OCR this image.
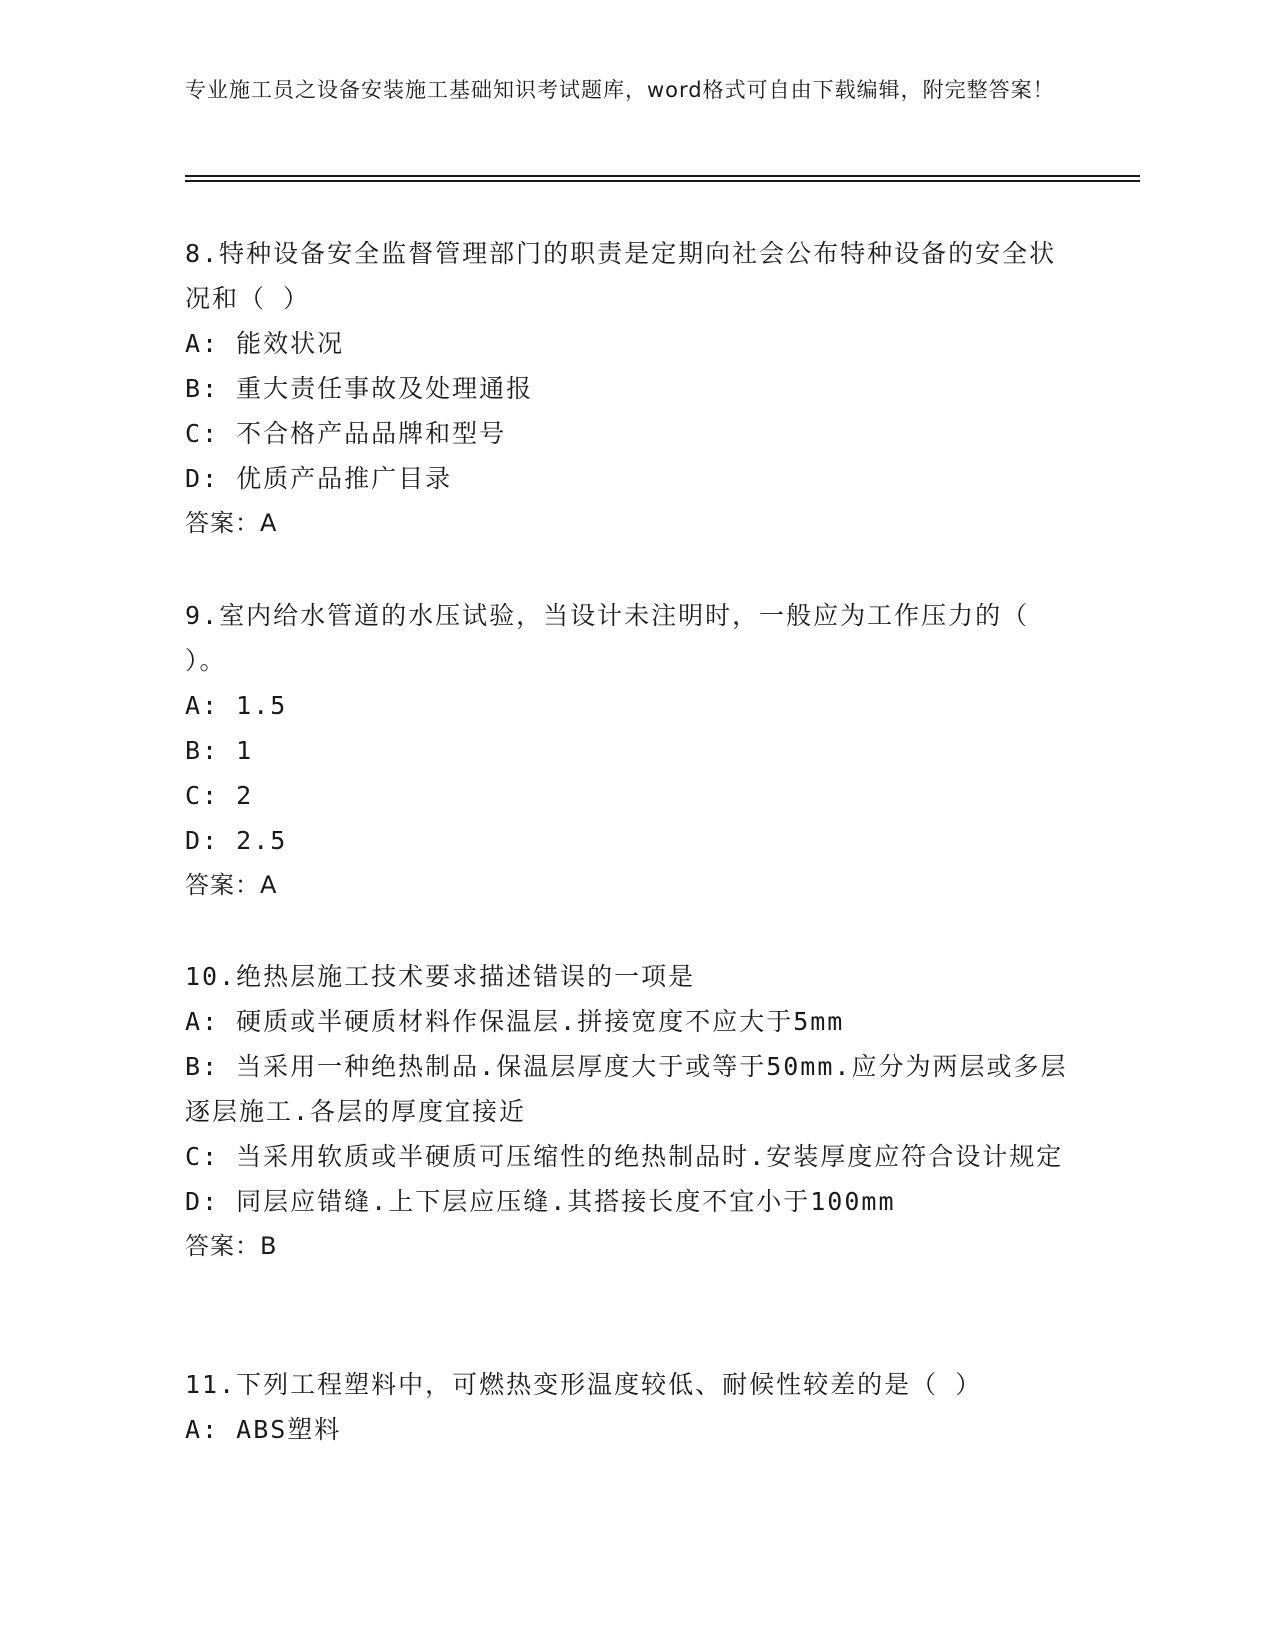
专业施工员之设备安装施工基础知识考试题库，word格式可自由下载编辑，附完整答案！
8.特种设备安全监督管理部门的职责是定期向社会公布特种设备的安全状况和（ ）
A: 能效状况
B: 重大责任事故及处理通报
C: 不合格产品品牌和型号
D: 优质产品推广目录
答案：A
9.室内给水管道的水压试验，当设计未注明时，一般应为工作压力的（ ）。
A: 1.5
B: 1
C: 2
D: 2.5
答案：A
10.绝热层施工技术要求描述错误的一项是
A: 硬质或半硬质材料作保温层.拼接宽度不应大于5mm
B: 当采用一种绝热制品.保温层厚度大于或等于50mm.应分为两层或多层逐层施工.各层的厚度宜接近
C: 当采用软质或半硬质可压缩性的绝热制品时.安装厚度应符合设计规定
D: 同层应错缝.上下层应压缝.其搭接长度不宜小于100mm
答案：B
11.下列工程塑料中，可燃热变形温度较低、耐候性较差的是（ ）
A: ABS塑料
